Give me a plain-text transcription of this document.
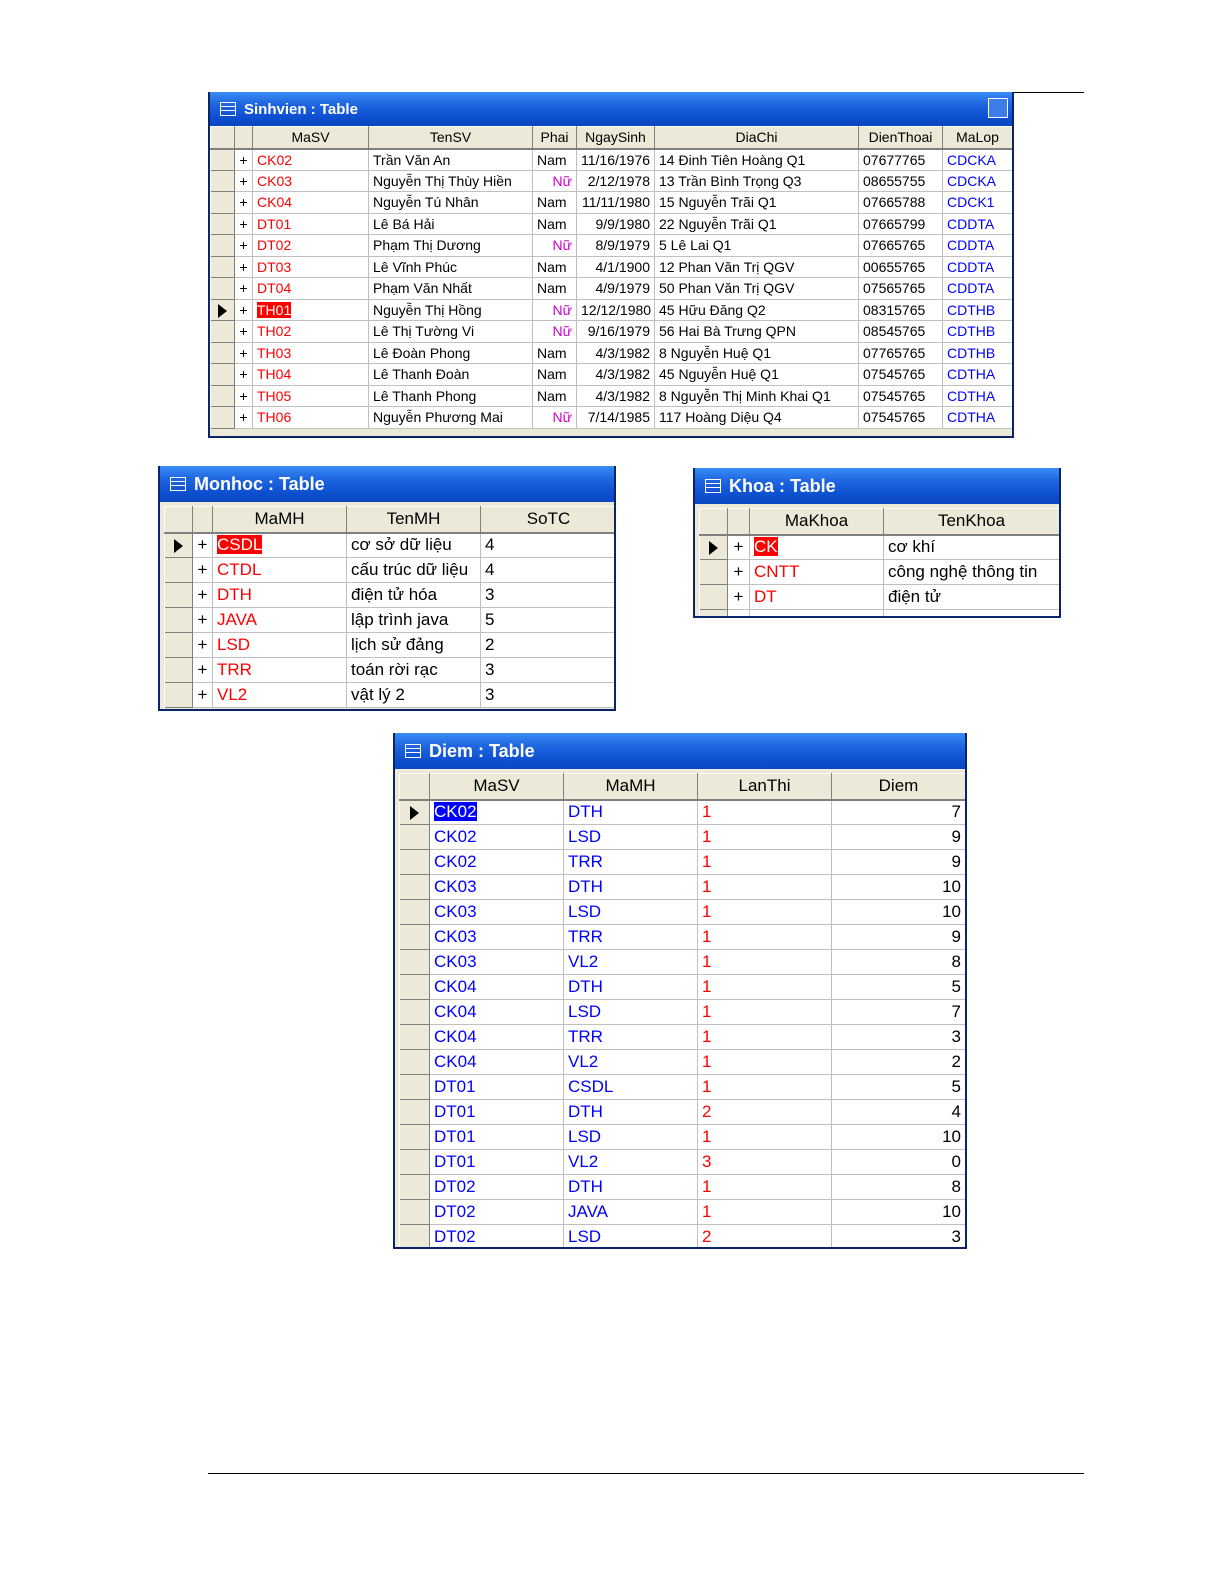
Sinhvien : Table
		MaSV	TenSV	Phai	NgaySinh	DiaChi	DienThoai	MaLop
	+	CK02	Trần Văn An	Nam	11/16/1976	14 Đinh Tiên Hoàng Q1	07677765	CDCKA
	+	CK03	Nguyễn Thị Thùy Hiền	Nữ	2/12/1978	13 Trần Bình Trọng Q3	08655755	CDCKA
	+	CK04	Nguyễn Tú Nhân	Nam	11/11/1980	15 Nguyễn Trãi Q1	07665788	CDCK1
	+	DT01	Lê Bá Hải	Nam	9/9/1980	22 Nguyễn Trãi Q1	07665799	CDDTA
	+	DT02	Phạm Thị Dương	Nữ	8/9/1979	5 Lê Lai Q1	07665765	CDDTA
	+	DT03	Lê Vĩnh Phúc	Nam	4/1/1900	12 Phan Văn Trị QGV	00655765	CDDTA
	+	DT04	Phạm Văn Nhất	Nam	4/9/1979	50 Phan Văn Trị QGV	07565765	CDDTA
	+	TH01	Nguyễn Thị Hồng	Nữ	12/12/1980	45 Hữu Đăng Q2	08315765	CDTHB
	+	TH02	Lê Thị Tường Vi	Nữ	9/16/1979	56 Hai Bà Trưng QPN	08545765	CDTHB
	+	TH03	Lê Đoàn Phong	Nam	4/3/1982	8 Nguyễn Huệ Q1	07765765	CDTHB
	+	TH04	Lê Thanh Đoàn	Nam	4/3/1982	45 Nguyễn Huệ Q1	07545765	CDTHA
	+	TH05	Lê Thanh Phong	Nam	4/3/1982	8 Nguyễn Thị Minh Khai Q1	07545765	CDTHA
	+	TH06	Nguyễn Phương Mai	Nữ	7/14/1985	117 Hoàng Diệu Q4	07545765	CDTHA
Monhoc : Table
		MaMH	TenMH	SoTC
	+	CSDL	cơ sở dữ liệu	4
	+	CTDL	cấu trúc dữ liệu	4
	+	DTH	điện tử hóa	3
	+	JAVA	lập trình java	5
	+	LSD	lịch sử đảng	2
	+	TRR	toán rời rạc	3
	+	VL2	vật lý 2	3
Khoa : Table
		MaKhoa	TenKhoa
	+	CK	cơ khí
	+	CNTT	công nghệ thông tin
	+	DT	điện tử

Diem : Table
	MaSV	MaMH	LanThi	Diem
	CK02	DTH	1	7
	CK02	LSD	1	9
	CK02	TRR	1	9
	CK03	DTH	1	10
	CK03	LSD	1	10
	CK03	TRR	1	9
	CK03	VL2	1	8
	CK04	DTH	1	5
	CK04	LSD	1	7
	CK04	TRR	1	3
	CK04	VL2	1	2
	DT01	CSDL	1	5
	DT01	DTH	2	4
	DT01	LSD	1	10
	DT01	VL2	3	0
	DT02	DTH	1	8
	DT02	JAVA	1	10
	DT02	LSD	2	3
